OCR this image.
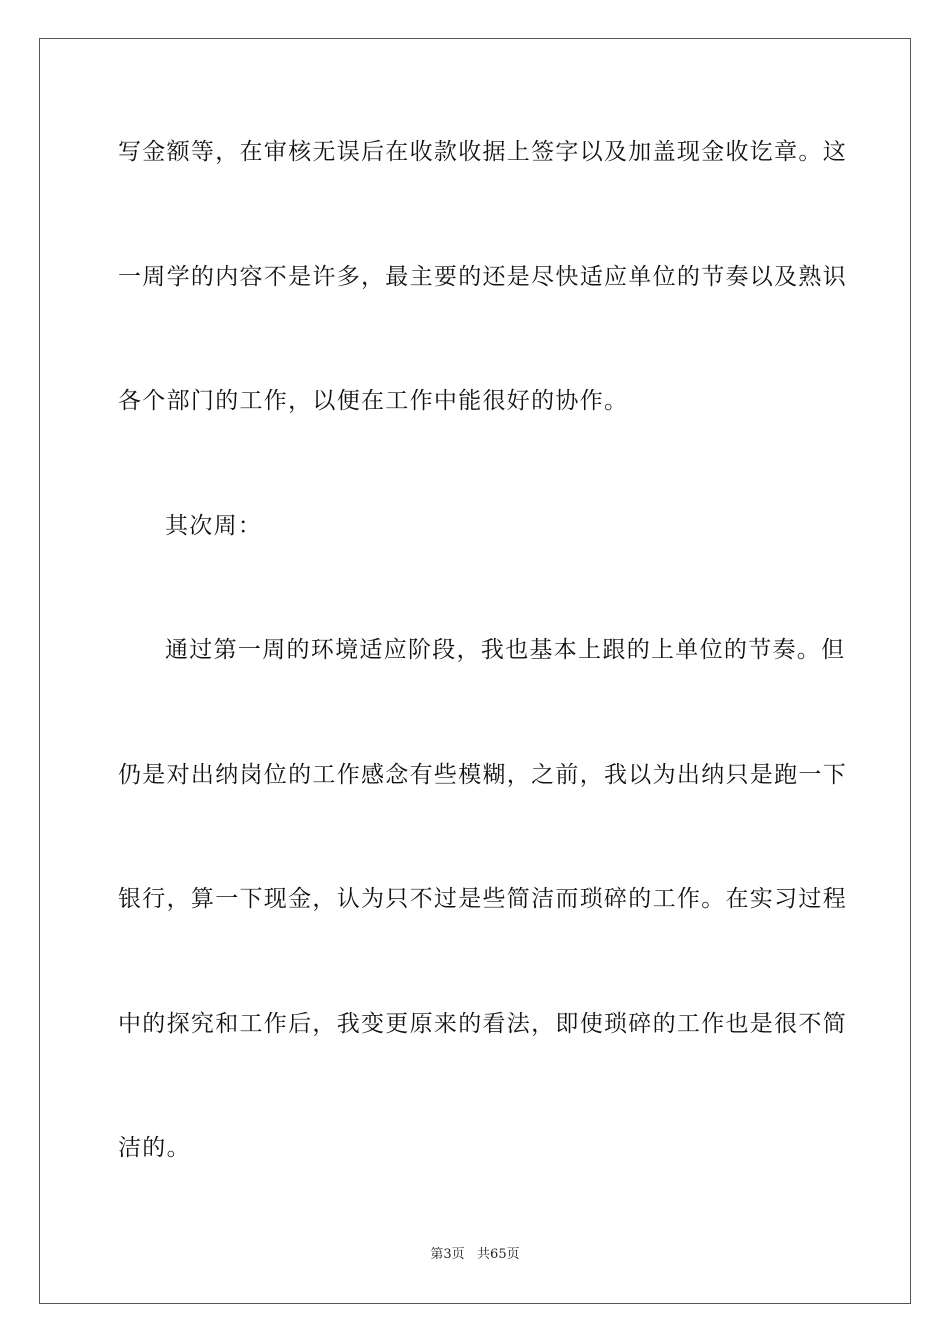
写金额等，在审核无误后在收款收据上签字以及加盖现金收讫章。这
一周学的内容不是许多，最主要的还是尽快适应单位的节奏以及熟识
各个部门的工作，以便在工作中能很好的协作。
其次周：
通过第一周的环境适应阶段，我也基本上跟的上单位的节奏。但
仍是对出纳岗位的工作感念有些模糊，之前，我以为出纳只是跑一下
银行，算一下现金，认为只不过是些简洁而琐碎的工作。在实习过程
中的探究和工作后，我变更原来的看法，即使琐碎的工作也是很不简
洁的。
第3页   共65页
